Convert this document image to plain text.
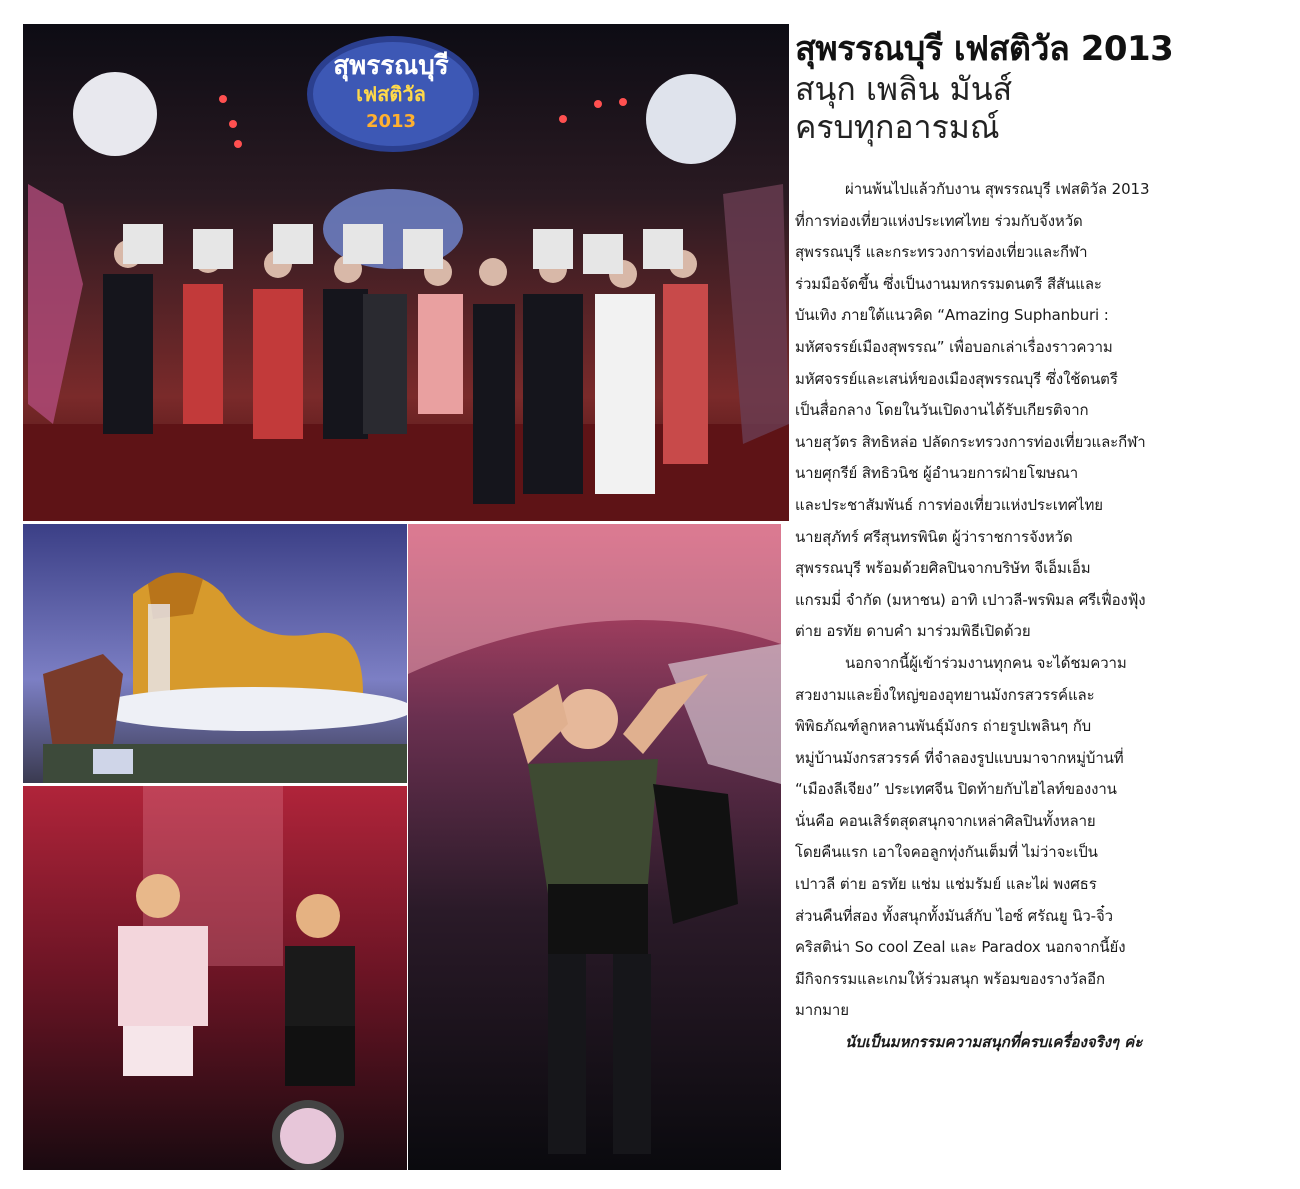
สุพรรณบุรี
เฟสติวัล
2013
สุพรรณบุรี เฟสติวัล 2013
สนุก เพลิน มันส์
ครบทุกอารมณ์
ผ่านพ้นไปแล้วกับงาน สุพรรณบุรี เฟสติวัล 2013
ที่การท่องเที่ยวแห่งประเทศไทย ร่วมกับจังหวัด
สุพรรณบุรี และกระทรวงการท่องเที่ยวและกีฬา
ร่วมมือจัดขึ้น ซึ่งเป็นงานมหกรรมดนตรี สีสันและ
บันเทิง ภายใต้แนวคิด “Amazing Suphanburi :
มหัศจรรย์เมืองสุพรรณ” เพื่อบอกเล่าเรื่องราวความ
มหัศจรรย์และเสน่ห์ของเมืองสุพรรณบุรี ซึ่งใช้ดนตรี
เป็นสื่อกลาง โดยในวันเปิดงานได้รับเกียรติจาก
นายสุวัตร สิทธิหล่อ ปลัดกระทรวงการท่องเที่ยวและกีฬา
นายศุกรีย์ สิทธิวนิช ผู้อำนวยการฝ่ายโฆษณา
และประชาสัมพันธ์ การท่องเที่ยวแห่งประเทศไทย
นายสุภัทร์ ศรีสุนทรพินิต ผู้ว่าราชการจังหวัด
สุพรรณบุรี พร้อมด้วยศิลปินจากบริษัท จีเอ็มเอ็ม
แกรมมี่ จำกัด (มหาชน) อาทิ เปาวลี-พรพิมล ศรีเฟื่องฟุ้ง
ต่าย อรทัย ดาบคำ มาร่วมพิธีเปิดด้วย
นอกจากนี้ผู้เข้าร่วมงานทุกคน จะได้ชมความ
สวยงามและยิ่งใหญ่ของอุทยานมังกรสวรรค์และ
พิพิธภัณฑ์ลูกหลานพันธุ์มังกร ถ่ายรูปเพลินๆ กับ
หมู่บ้านมังกรสวรรค์ ที่จำลองรูปแบบมาจากหมู่บ้านที่
“เมืองลีเจียง” ประเทศจีน ปิดท้ายกับไฮไลท์ของงาน
นั่นคือ คอนเสิร์ตสุดสนุกจากเหล่าศิลปินทั้งหลาย
โดยคืนแรก เอาใจคอลูกทุ่งกันเต็มที่ ไม่ว่าจะเป็น
เปาวลี ต่าย อรทัย แช่ม แช่มรัมย์ และไผ่ พงศธร
ส่วนคืนที่สอง ทั้งสนุกทั้งมันส์กับ ไอซ์ ศรัณยู นิว-จิ๋ว
คริสติน่า So cool Zeal และ Paradox นอกจากนี้ยัง
มีกิจกรรมและเกมให้ร่วมสนุก พร้อมของรางวัลอีก
มากมาย
นับเป็นมหกรรมความสนุกที่ครบเครื่องจริงๆ ค่ะ
